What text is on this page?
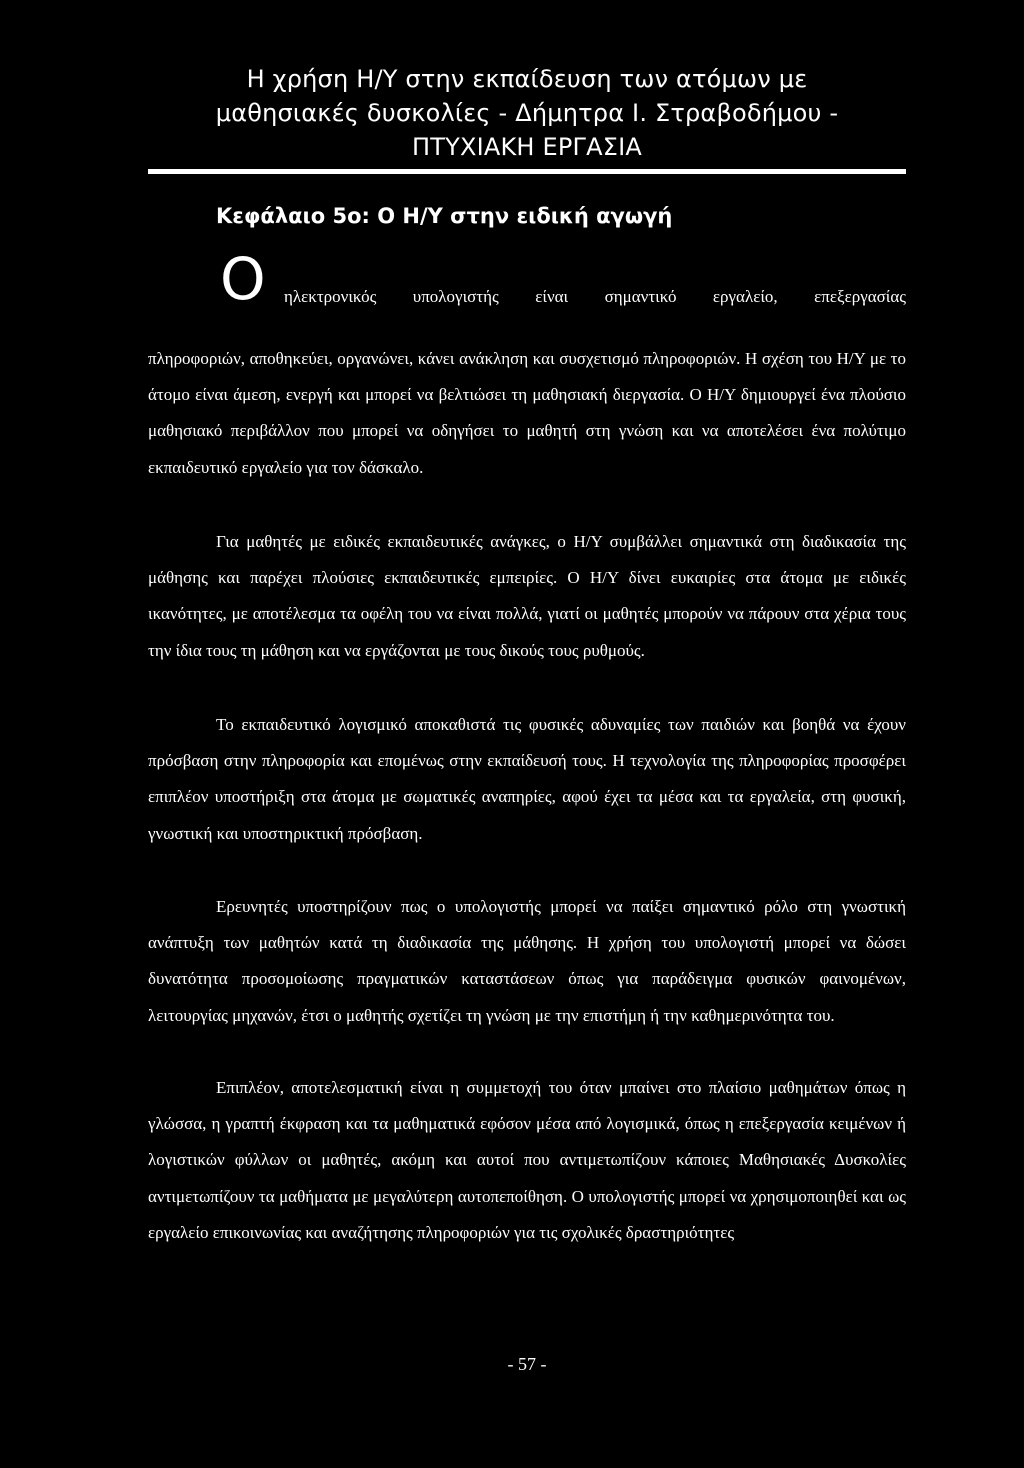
Η χρήση Η/Υ στην εκπαίδευση των ατόμων με
μαθησιακές δυσκολίες - Δήμητρα Ι. Στραβοδήμου -
ΠΤΥΧΙΑΚΗ ΕΡΓΑΣΙΑ
Κεφάλαιο 5ο: Ο Η/Υ στην ειδική αγωγή
Ο ηλεκτρονικός υπολογιστής είναι σημαντικό εργαλείο, επεξεργασίας

πληροφοριών, αποθηκεύει, οργανώνει, κάνει ανάκληση και συσχετισμό πληροφοριών. Η σχέση του Η/Υ με το άτομο είναι άμεση, ενεργή και μπορεί να βελτιώσει τη μαθησιακή διεργασία. Ο Η/Υ δημιουργεί ένα πλούσιο μαθησιακό περιβάλλον που μπορεί να οδηγήσει το μαθητή στη γνώση και να αποτελέσει ένα πολύτιμο εκπαιδευτικό εργαλείο για τον δάσκαλο.

Για μαθητές με ειδικές εκπαιδευτικές ανάγκες, ο Η/Υ συμβάλλει σημαντικά στη διαδικασία της μάθησης και παρέχει πλούσιες εκπαιδευτικές εμπειρίες. Ο Η/Υ δίνει ευκαιρίες στα άτομα με ειδικές ικανότητες, με αποτέλεσμα τα οφέλη του να είναι πολλά, γιατί οι μαθητές μπορούν να πάρουν στα χέρια τους την ίδια τους τη μάθηση και να εργάζονται με τους δικούς τους ρυθμούς.

Το εκπαιδευτικό λογισμικό αποκαθιστά τις φυσικές αδυναμίες των παιδιών και βοηθά να έχουν πρόσβαση στην πληροφορία και επομένως στην εκπαίδευσή τους. Η τεχνολογία της πληροφορίας προσφέρει επιπλέον υποστήριξη στα άτομα με σωματικές αναπηρίες, αφού έχει τα μέσα και τα εργαλεία, στη φυσική, γνωστική και υποστηρικτική πρόσβαση.

Ερευνητές υποστηρίζουν πως ο υπολογιστής μπορεί να παίξει σημαντικό ρόλο στη γνωστική ανάπτυξη των μαθητών κατά τη διαδικασία της μάθησης. Η χρήση του υπολογιστή μπορεί να δώσει δυνατότητα προσομοίωσης πραγματικών καταστάσεων όπως για παράδειγμα φυσικών φαινομένων, λειτουργίας μηχανών, έτσι ο μαθητής σχετίζει τη γνώση με την επιστήμη ή την καθημερινότητα του.

Επιπλέον, αποτελεσματική είναι η συμμετοχή του όταν μπαίνει στο πλαίσιο μαθημάτων όπως η γλώσσα, η γραπτή έκφραση και τα μαθηματικά εφόσον μέσα από λογισμικά, όπως η επεξεργασία κειμένων ή λογιστικών φύλλων οι μαθητές, ακόμη και αυτοί που αντιμετωπίζουν κάποιες Μαθησιακές Δυσκολίες αντιμετωπίζουν τα μαθήματα με μεγαλύτερη αυτοπεποίθηση. Ο υπολογιστής μπορεί να χρησιμοποιηθεί και ως εργαλείο επικοινωνίας και αναζήτησης πληροφοριών για τις σχολικές δραστηριότητες

- 57 -
